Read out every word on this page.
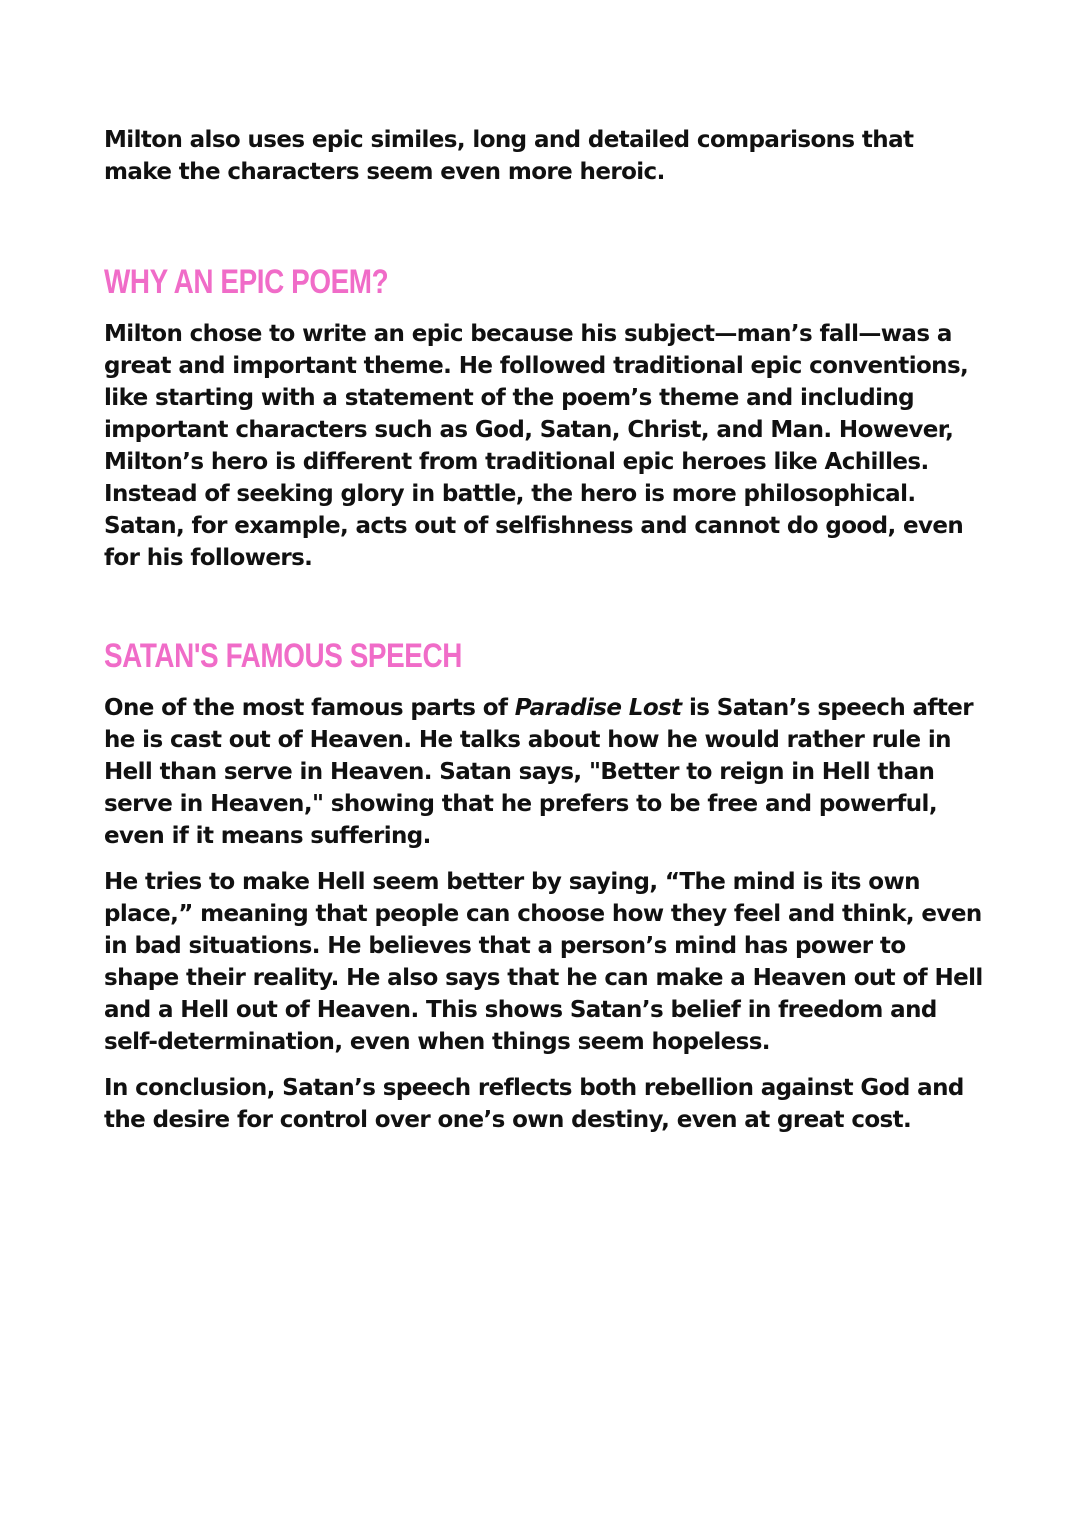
Milton also uses epic similes, long and detailed comparisons that make the characters seem even more heroic.

WHY AN EPIC POEM?

Milton chose to write an epic because his subject—man’s fall—was a great and important theme. He followed traditional epic conventions, like starting with a statement of the poem’s theme and including important characters such as God, Satan, Christ, and Man. However, Milton’s hero is different from traditional epic heroes like Achilles. Instead of seeking glory in battle, the hero is more philosophical. Satan, for example, acts out of selfishness and cannot do good, even for his followers.

SATAN'S FAMOUS SPEECH

One of the most famous parts of Paradise Lost is Satan’s speech after he is cast out of Heaven. He talks about how he would rather rule in Hell than serve in Heaven. Satan says, "Better to reign in Hell than serve in Heaven," showing that he prefers to be free and powerful, even if it means suffering.

He tries to make Hell seem better by saying, “The mind is its own place,” meaning that people can choose how they feel and think, even in bad situations. He believes that a person’s mind has power to shape their reality. He also says that he can make a Heaven out of Hell and a Hell out of Heaven. This shows Satan’s belief in freedom and self-determination, even when things seem hopeless.

In conclusion, Satan’s speech reflects both rebellion against God and the desire for control over one’s own destiny, even at great cost.
